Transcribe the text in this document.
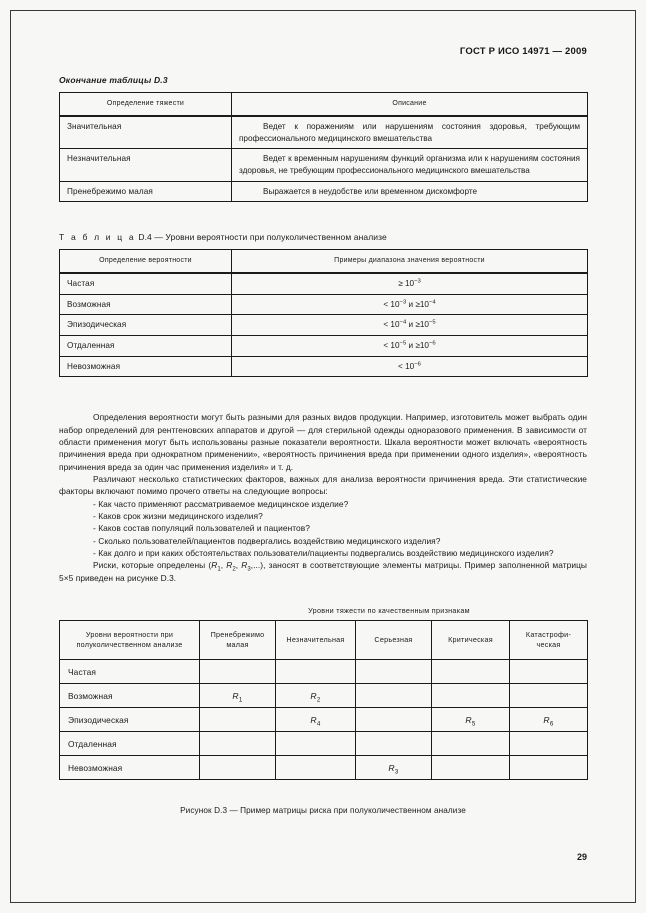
ГОСТ Р ИСО 14971 — 2009
Окончание таблицы D.3
Определение тяжести	Описание
Значительная	Ведет к поражениям или нарушениям состояния здоровья, требующим профессионального медицинского вмешательства
Незначительная	Ведет к временным нарушениям функций организма или к нарушениям состояния здоровья, не требующим профессионального медицинского вмешательства
Пренебрежимо малая	Выражается в неудобстве или временном дискомфорте
Т а б л и ц а D.4 — Уровни вероятности при полуколичественном анализе
Определение вероятности	Примеры диапазона значения вероятности
Частая	≥ $10^{-3}$
Возможная	< $10^{-3}$ $и \ge 10^{-4}$
Эпизодическая	< $10^{-4}$ $и \ge 10^{-5}$
Отдаленная	< $10^{-5}$ $и \ge 10^{-6}$
Невозможная	< $10^{-6}$

Определения вероятности могут быть разными для разных видов продукции. Например, изготовитель может выбрать один набор определений для рентгеновских аппаратов и другой — для стерильной одежды одноразового применения. В зависимости от области применения могут быть использованы разные показатели вероятности. Шкала вероятности может включать «вероятность причинения вреда при однократном применении», «вероятность причинения вреда при применении одного изделия», «вероятность причинения вреда за один час применения изделия» и т. д.

Различают несколько статистических факторов, важных для анализа вероятности причинения вреда. Эти статистические факторы включают помимо прочего ответы на следующие вопросы:

- Как часто применяют рассматриваемое медицинское изделие?
- Каков срок жизни медицинского изделия?
- Каков состав популяций пользователей и пациентов?
- Сколько пользователей/пациентов подвергались воздействию медицинского изделия?
- Как долго и при каких обстоятельствах пользователи/пациенты подвергались воздействию медицинского изделия?

Риски, которые определены ($R_1$, $R_2$, $R_3$,...), заносят в соответствующие элементы матрицы. Пример заполненной матрицы 5×5 приведен на рисунке D.3.

Уровни тяжести по качественным признакам
Уровни вероятности при полуколичественном анализе	Пренебрежимо малая	Незначительная	Серьезная	Критическая	Катастрофи- ческая
Частая					
Возможная	$R_1$	$R_2$			
Эпизодическая		$R_4$		$R_5$	$R_6$
Отдаленная					
Невозможная			$R_3$		
Рисунок D.3 — Пример матрицы риска при полуколичественном анализе
29
